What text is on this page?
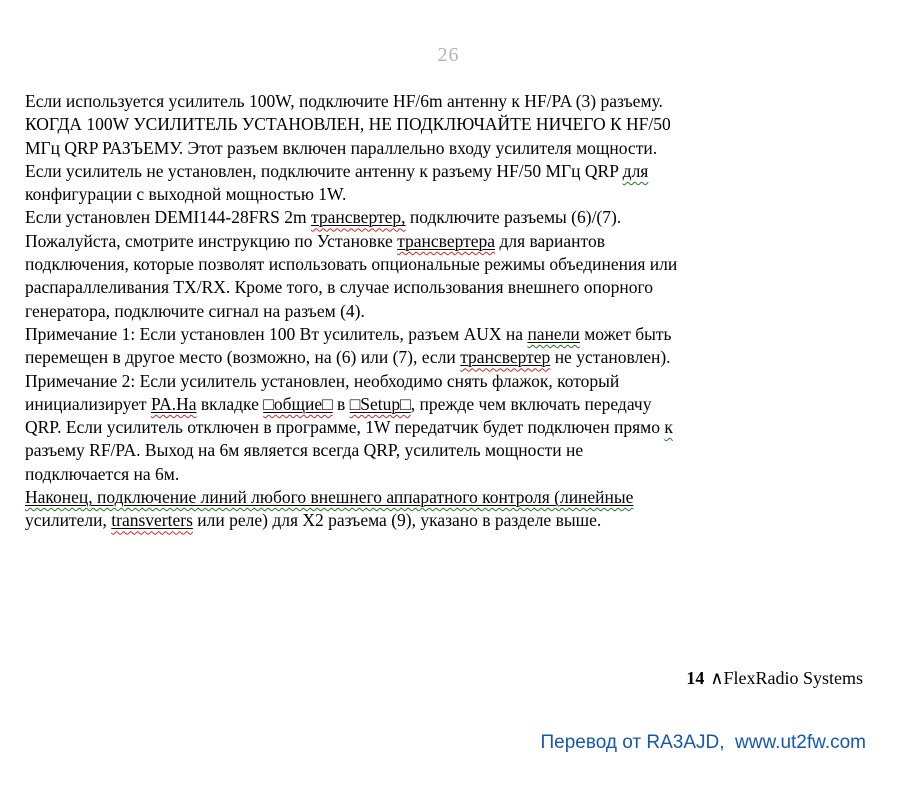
26
Если используется усилитель 100W, подключите HF/6m антенну к HF/PA (3) разъему.
КОГДА 100W УСИЛИТЕЛЬ УСТАНОВЛЕН, НЕ ПОДКЛЮЧАЙТЕ НИЧЕГО К HF/50
МГц QRP РАЗЪЕМУ. Этот разъем включен параллельно входу усилителя мощности.
Если усилитель не установлен, подключите антенну к разъему HF/50 МГц QRP для
конфигурации с выходной мощностью 1W.
Если установлен DEMI144-28FRS 2m трансвертер, подключите разъемы (6)/(7).
Пожалуйста, смотрите инструкцию по Установке трансвертера для вариантов
подключения, которые позволят использовать опциональные режимы объединения или
распараллеливания TX/RX. Кроме того, в случае использования внешнего опорного
генератора, подключите сигнал на разъем (4).
Примечание 1: Если установлен 100 Вт усилитель, разъем AUX на панели может быть
перемещен в другое место (возможно, на (6) или (7), если трансвертер не установлен).
Примечание 2: Если усилитель установлен, необходимо снять флажок, который
инициализирует PA.На вкладке □общие□ в □Setup□, прежде чем включать передачу
QRP. Если усилитель отключен в программе, 1W передатчик будет подключен прямо к
разъему RF/PA. Выход на 6м является всегда QRP, усилитель мощности не
подключается на 6м.
Наконец, подключение линий любого внешнего аппаратного контроля (линейные
усилители, transverters или реле) для X2 разъема (9), указано в разделе выше.
14 ∧FlexRadio Systems
Перевод от RA3AJD,  www.ut2fw.com
